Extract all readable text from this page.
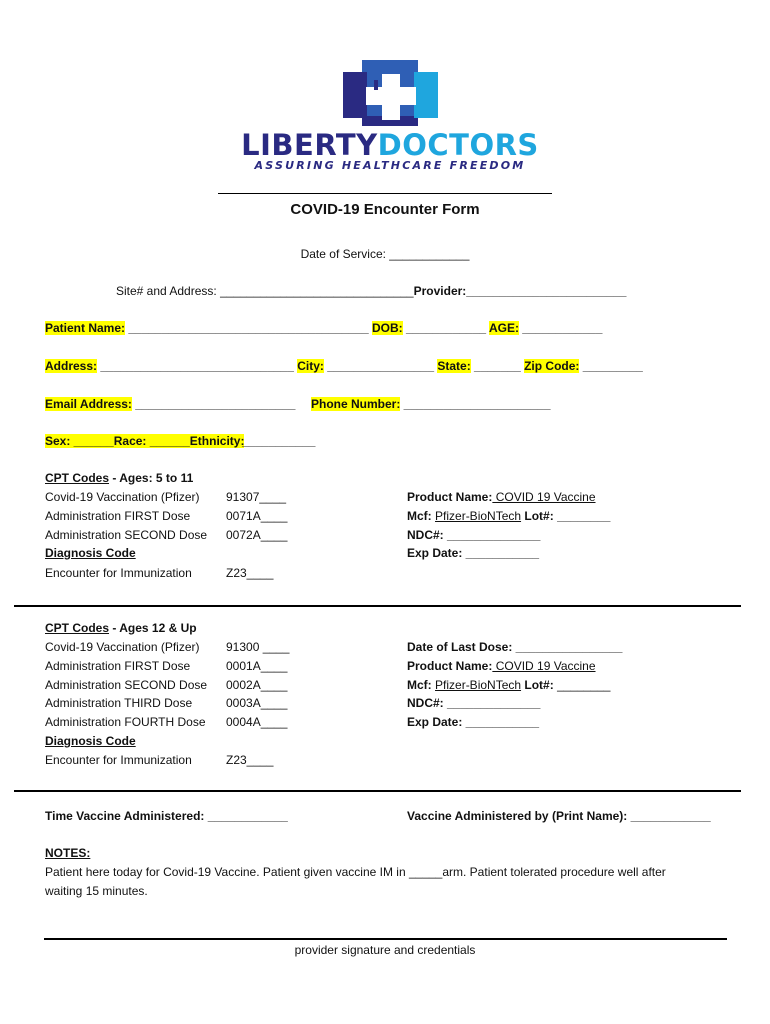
LIBERTYDOCTORS
ASSURING HEALTHCARE FREEDOM
COVID-19 Encounter Form
Date of Service: ____________
Site# and Address: _____________________________Provider:________________________
Patient Name: ____________________________________ DOB: ____________ AGE: ____________
Address: _____________________________ City: ________________ State: _______ Zip Code: _________
Email Address: ________________________ Phone Number: ______________________
Sex: ______Race: ______Ethnicity:
___________
CPT Codes - Ages: 5 to 11
Covid-19 Vaccination (Pfizer) 91307____
Administration FIRST Dose	0071A____
Administration SECOND Dose 0072A____
Diagnosis Code
Encounter for Immunization	Z23____
Product Name: COVID 19 Vaccine
Mcf: Pfizer-BioNTech Lot#: ________
NDC#: ______________
Exp Date: ___________
CPT Codes - Ages 12 & Up
Covid-19 Vaccination (Pfizer) 91300 ____
Administration FIRST Dose	0001A____
Administration SECOND Dose 0002A____
Administration THIRD Dose	0003A____
Administration FOURTH Dose 0004A____
Diagnosis Code
Encounter for Immunization	Z23____
Date of Last Dose: ________________
Product Name: COVID 19 Vaccine
Mcf: Pfizer-BioNTech Lot#: ________
NDC#: ______________
Exp Date: ___________
Time Vaccine Administered: ____________	Vaccine Administered by (Print Name): ____________
NOTES:
Patient here today for Covid-19 Vaccine. Patient given vaccine IM in _____arm. Patient tolerated procedure well after
waiting 15 minutes.
provider signature and credentials
